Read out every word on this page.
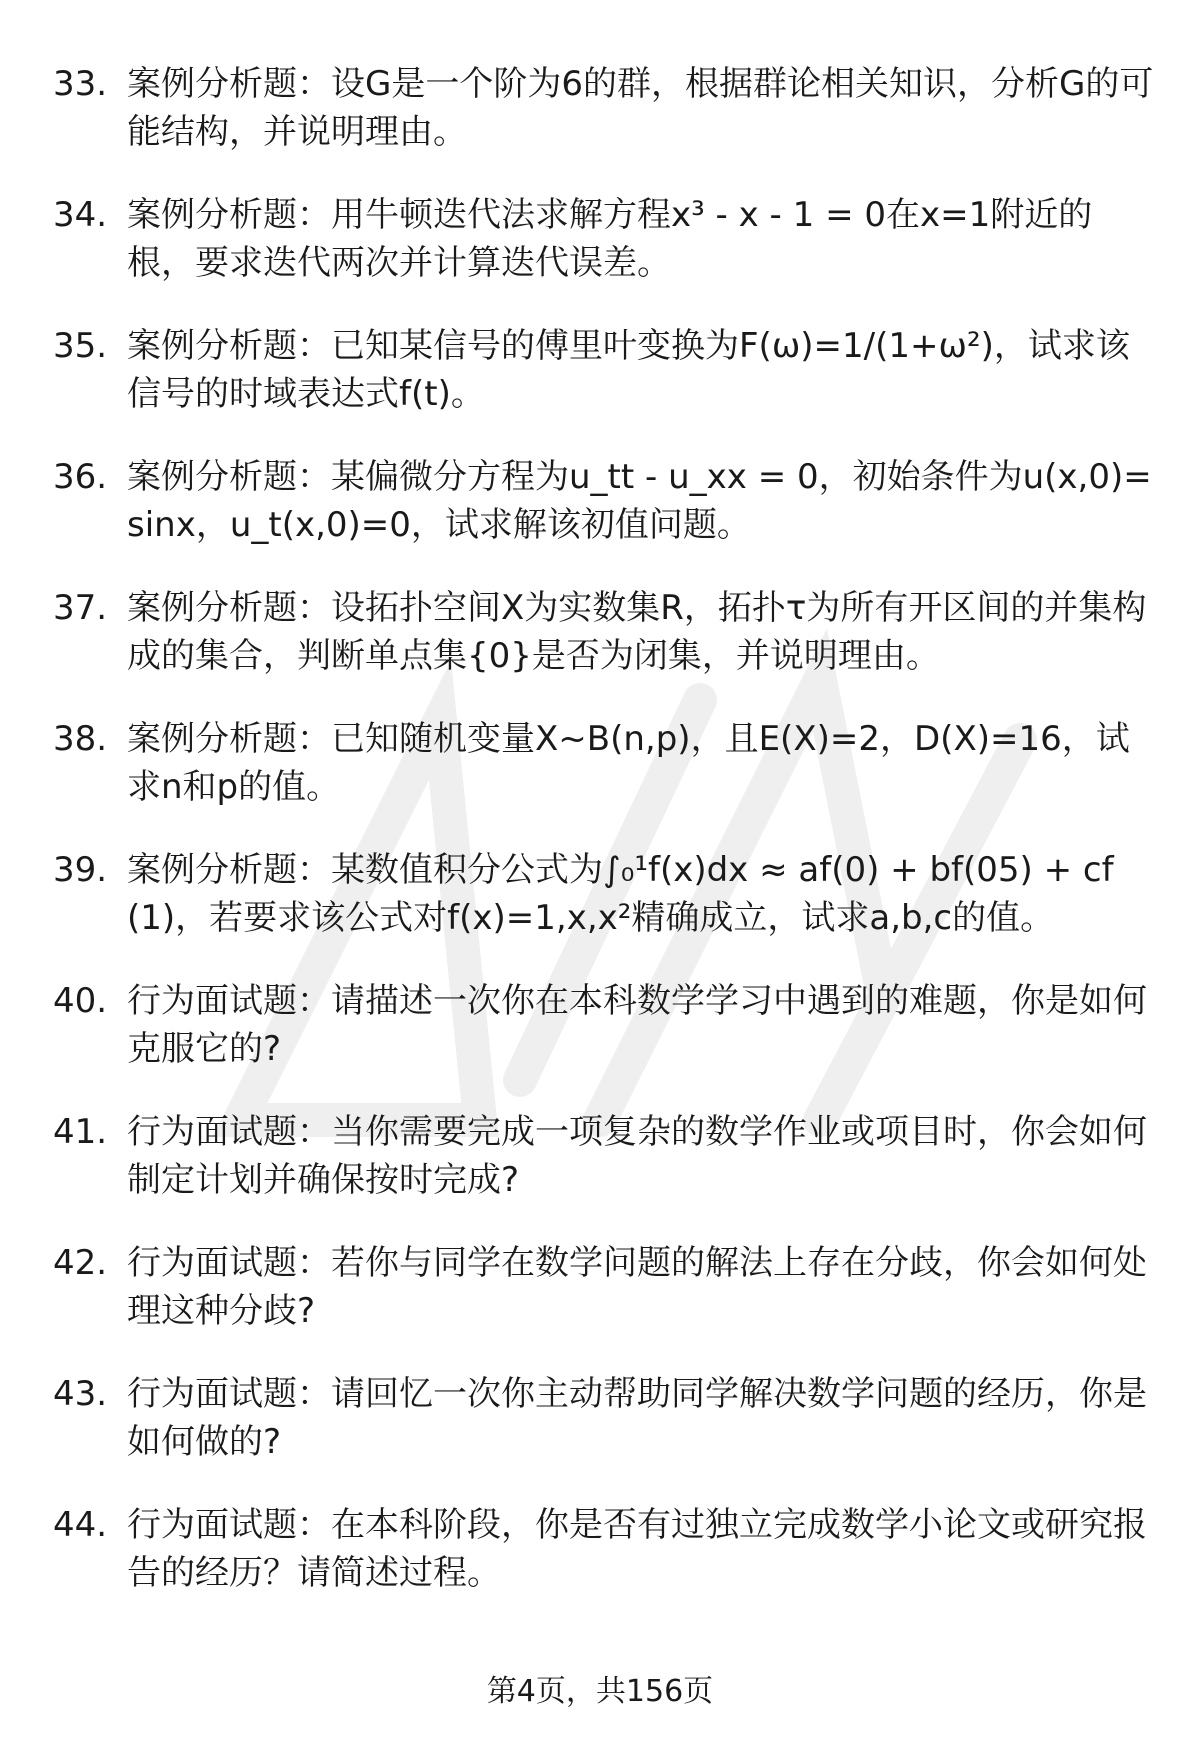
33. 案例分析题：设G是一个阶为6的群，根据群论相关知识，分析G的可能结构，并说明理由。
34. 案例分析题：用牛顿迭代法求解方程x³ - x - 1 = 0在x=1附近的根，要求迭代两次并计算迭代误差。
35. 案例分析题：已知某信号的傅里叶变换为F(ω)=1/(1+ω²)，试求该信号的时域表达式f(t)。
36. 案例分析题：某偏微分方程为u_tt - u_xx = 0，初始条件为u(x,0)=sinx，u_t(x,0)=0，试求解该初值问题。
37. 案例分析题：设拓扑空间X为实数集R，拓扑τ为所有开区间的并集构成的集合，判断单点集{0}是否为闭集，并说明理由。
38. 案例分析题：已知随机变量X~B(n,p)，且E(X)=2，D(X)=16，试求n和p的值。
39. 案例分析题：某数值积分公式为∫₀¹f(x)dx ≈ af(0) + bf(05) + cf(1)，若要求该公式对f(x)=1,x,x²精确成立，试求a,b,c的值。
40. 行为面试题：请描述一次你在本科数学学习中遇到的难题，你是如何克服它的?
41. 行为面试题：当你需要完成一项复杂的数学作业或项目时，你会如何制定计划并确保按时完成?
42. 行为面试题：若你与同学在数学问题的解法上存在分歧，你会如何处理这种分歧?
43. 行为面试题：请回忆一次你主动帮助同学解决数学问题的经历，你是如何做的?
44. 行为面试题：在本科阶段，你是否有过独立完成数学小论文或研究报告的经历？请简述过程。
第4页，共156页
